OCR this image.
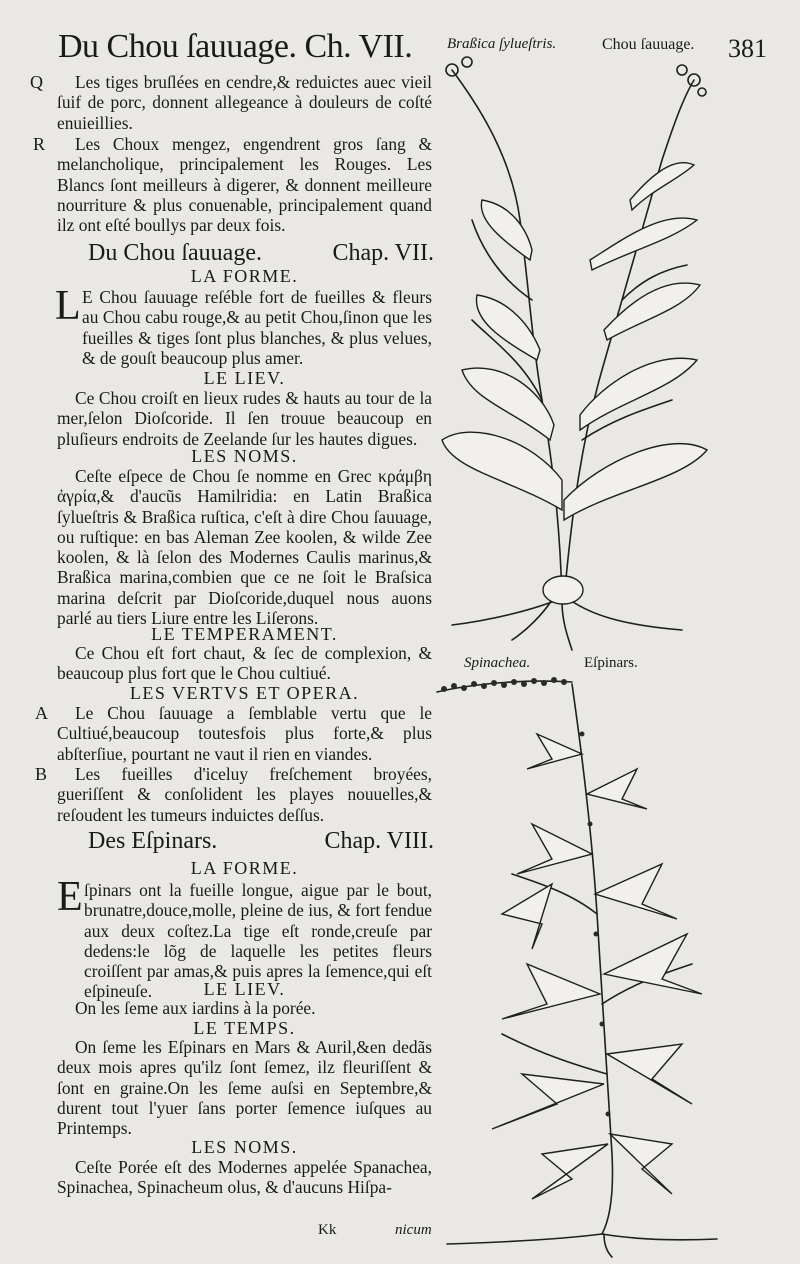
Du Chou ſauuage. Ch. VII. Braßica ſylueſtris.	Chou ſauuage. 381
Q	Les tiges bruſlées en cendre,& reduictes auec vieil ſuif de porc, donnent allegeance à douleurs de coſté enuieillies.

R	Les Choux mengez, engendrent gros ſang & melancholique, principalement les Rouges. Les Blancs ſont meilleurs à digerer, & donnent meilleure nourriture & plus conuenable, principalement quand ilz ont eſté boullys par deux fois.

Du Chou ſauuage.	Chap. VII.
LA FORME.
L E Chou ſauuage reſéble fort de fueilles & fleurs au Chou cabu rouge,& au petit Chou,ſinon que les fueilles & tiges ſont plus blanches, & plus velues, & de gouſt beaucoup plus amer.

LE LIEV.

Ce Chou croiſt en lieux rudes & hauts au tour de la mer,ſelon Dioſcoride. Il ſen trouue beaucoup en pluſieurs endroits de Zeelande ſur les hautes digues.

LES NOMS.

Ceſte eſpece de Chou ſe nomme en Grec κράμβη ἀγρία,& d'aucũs Hamilridia: en Latin Braßica ſylueſtris & Braßica ruſtica, c'eſt à dire Chou ſauuage, ou ruſtique: en bas Aleman Zee koolen, & wilde Zee koolen, & là ſelon des Modernes Caulis marinus,& Braßica marina,combien que ce ne ſoit le Braſsica marina deſcrit par Dioſcoride,duquel nous auons parlé au tiers Liure entre les Liſerons.

LE TEMPERAMENT.

Ce Chou eſt fort chaut, & ſec de complexion, & beaucoup plus fort que le Chou cultiué.

LES VERTVS ET OPERA.
A	Le Chou ſauuage a ſemblable vertu que le Cultiué,beaucoup toutesfois plus forte,& plus abſterſiue, pourtant ne vaut il rien en viandes.

B	Les fueilles d'iceluy freſchement broyées, gueriſſent & conſolident les playes nouuelles,& reſoudent les tumeurs induictes deſſus.

Des Eſpinars.	Chap. VIII.
LA FORME.
E ſpinars ont la fueille longue, aigue par le bout, brunatre,douce,molle, pleine de ius, & fort fendue aux deux coſtez.La tige eſt ronde,creuſe par dedens:le lõg de laquelle les petites fleurs croiſſent par amas,& puis apres la ſemence,qui eſt eſpineuſe.	LE LIEV.

On les ſeme aux iardins à la porée.

LE TEMPS.

On ſeme les Eſpinars en Mars & Auril,&en dedãs deux mois apres qu'ilz ſont ſemez, ilz fleuriſſent & ſont en graine.On les ſeme auſsi en Septembre,& durent tout l'yuer ſans porter ſemence iuſques au Printemps.

LES NOMS.

Ceſte Porée eſt des Modernes appelée Spanachea, Spinachea, Spinacheum olus, & d'aucuns Hiſpa-

Kk	nicum
Spinachea.	Eſpinars.
